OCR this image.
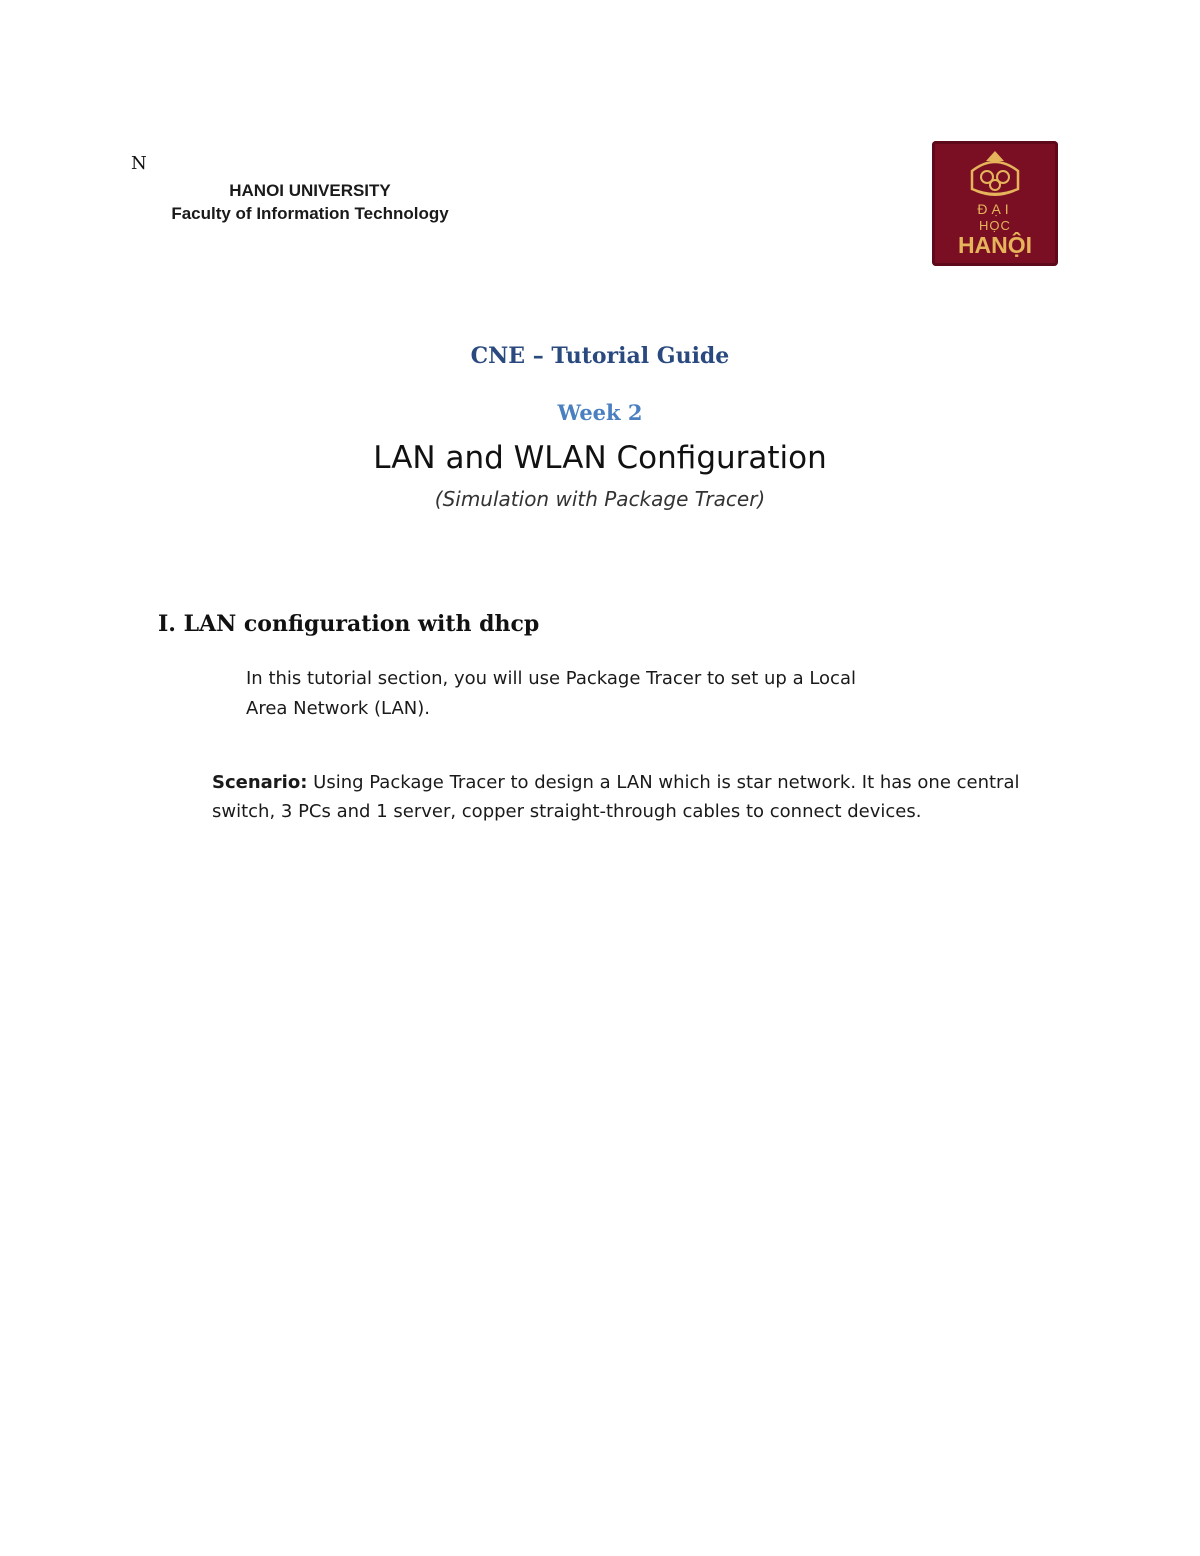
N
HANOI UNIVERSITY
Faculty of Information Technology	ĐẠI
HỌC
HANỘI
CNE – Tutorial Guide
Week 2
LAN and WLAN Configuration
(Simulation with Package Tracer)
I. LAN configuration with dhcp
In this tutorial section, you will use Package Tracer to set up a Local
Area Network (LAN).
Scenario: Using Package Tracer to design a LAN which is star network. It has one central switch, 3 PCs and 1 server, copper straight-through cables to connect devices.
